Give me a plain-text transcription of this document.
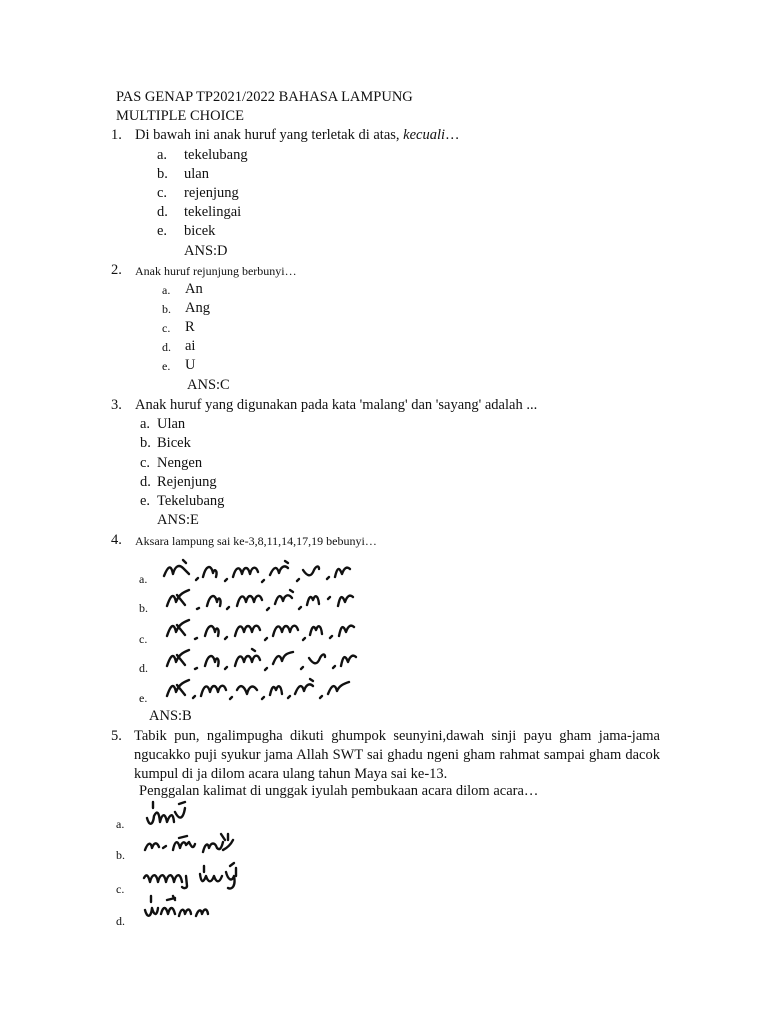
PAS GENAP TP2021/2022 BAHASA LAMPUNG
MULTIPLE CHOICE
1. Di bawah ini anak huruf yang terletak di atas, kecuali…
a. tekelubang
b. ulan
c. rejenjung
d. tekelingai
e. bicek
ANS:D
2. Anak huruf rejunjung berbunyi…
a. An
b. Ang
c. R
d. ai
e. U
ANS:C
3. Anak huruf yang digunakan pada kata 'malang' dan 'sayang' adalah ...
a. Ulan
b. Bicek
c. Nengen
d. Rejenjung
e. Tekelubang
ANS:E
4. Aksara lampung sai ke-3,8,11,14,17,19 bebunyi…
a.
b.
c.
d.
e.
ANS:B
5. Tabik pun, ngalimpugha dikuti ghumpok seunyini,dawah sinji payu gham jama-jama
ngucakko puji syukur jama Allah SWT sai ghadu ngeni gham rahmat sampai gham dacok
kumpul di ja dilom acara ulang tahun Maya sai ke-13.
Penggalan kalimat di unggak iyulah pembukaan acara dilom acara…
a.
b.
c.
d.
